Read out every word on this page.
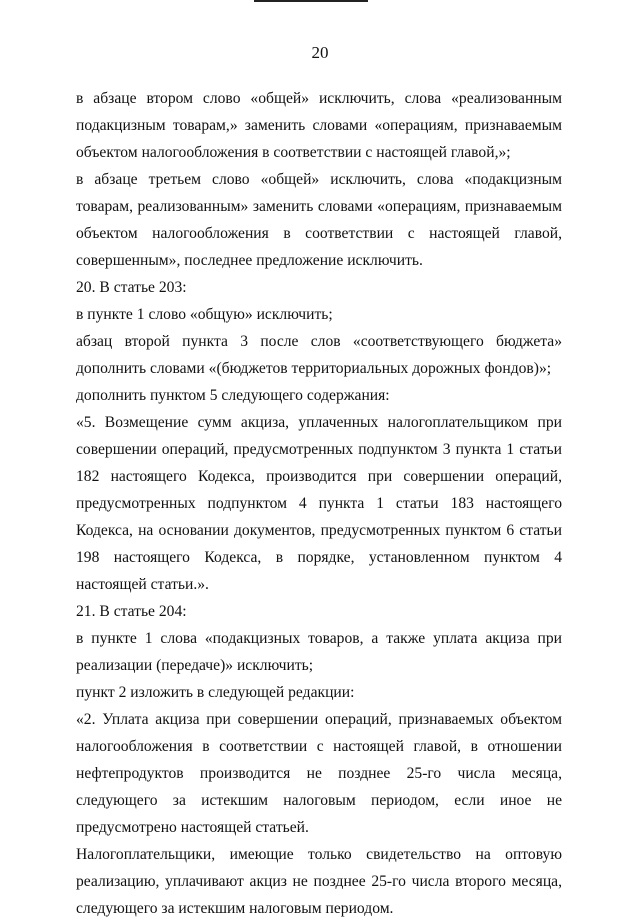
20

в абзаце втором слово «общей» исключить, слова «реализованным подакцизным товарам,» заменить словами «операциям, признаваемым объектом налогообложения в соответствии с настоящей главой,»;

в абзаце третьем слово «общей» исключить, слова «подакцизным товарам, реализованным» заменить словами «операциям, признаваемым объектом налогообложения в соответствии с настоящей главой, совершенным», последнее предложение исключить.

20. В статье 203:

в пункте 1 слово «общую» исключить;

абзац второй пункта 3 после слов «соответствующего бюджета» дополнить словами «(бюджетов территориальных дорожных фондов)»;

дополнить пунктом 5 следующего содержания:

«5. Возмещение сумм акциза, уплаченных налогоплательщиком при совершении операций, предусмотренных подпунктом 3 пункта 1 статьи 182 настоящего Кодекса, производится при совершении операций, предусмотренных подпунктом 4 пункта 1 статьи 183 настоящего Кодекса, на основании документов, предусмотренных пунктом 6 статьи 198 настоящего Кодекса, в порядке, установленном пунктом 4 настоящей статьи.».

21. В статье 204:

в пункте 1 слова «подакцизных товаров, а также уплата акциза при реализации (передаче)» исключить;

пункт 2 изложить в следующей редакции:

«2. Уплата акциза при совершении операций, признаваемых объектом налогообложения в соответствии с настоящей главой, в отношении нефтепродуктов производится не позднее 25-го числа месяца, следующего за истекшим налоговым периодом, если иное не предусмотрено настоящей статьей.

Налогоплательщики, имеющие только свидетельство на оптовую реализацию, уплачивают акциз не позднее 25-го числа второго месяца, следующего за истекшим налоговым периодом.
